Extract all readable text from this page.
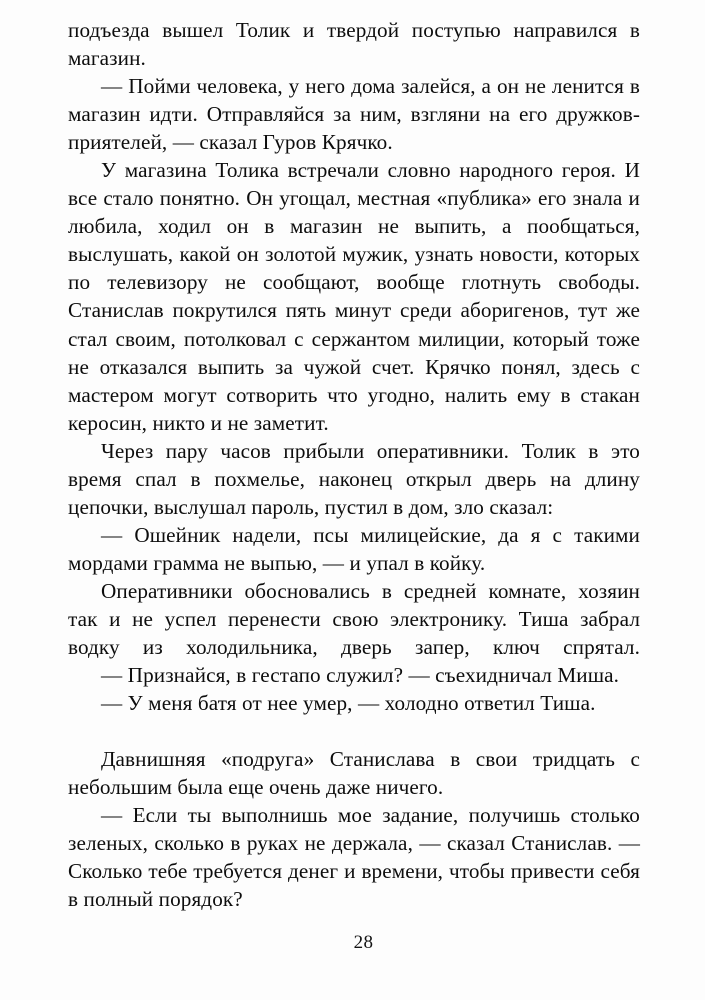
подъезда вышел Толик и твердой поступью направился в магазин.

— Пойми человека, у него дома залейся, а он не ленится в магазин идти. Отправляйся за ним, взгляни на его дружков-приятелей, — сказал Гуров Крячко.

У магазина Толика встречали словно народного героя. И все стало понятно. Он угощал, местная «публика» его знала и любила, ходил он в магазин не выпить, а пообщаться, выслушать, какой он золотой мужик, узнать новости, которых по телевизору не сообщают, вообще глотнуть свободы. Станислав покрутился пять минут среди аборигенов, тут же стал своим, потолковал с сержантом милиции, который тоже не отказался выпить за чужой счет. Крячко понял, здесь с мастером могут сотворить что угодно, налить ему в стакан керосин, никто и не заметит.

Через пару часов прибыли оперативники. Толик в это время спал в похмелье, наконец открыл дверь на длину цепочки, выслушал пароль, пустил в дом, зло сказал:

— Ошейник надели, псы милицейские, да я с такими мордами грамма не выпью, — и упал в койку.

Оперативники обосновались в средней комнате, хозяин так и не успел перенести свою электронику. Тиша забрал водку из холодильника, дверь запер, ключ спрятал.

— Признайся, в гестапо служил? — съехидничал Миша.

— У меня батя от нее умер, — холодно ответил Тиша.

Давнишняя «подруга» Станислава в свои тридцать с небольшим была еще очень даже ничего.

— Если ты выполнишь мое задание, получишь столько зеленых, сколько в руках не держала, — сказал Станислав. — Сколько тебе требуется денег и времени, чтобы привести себя в полный порядок?

28
